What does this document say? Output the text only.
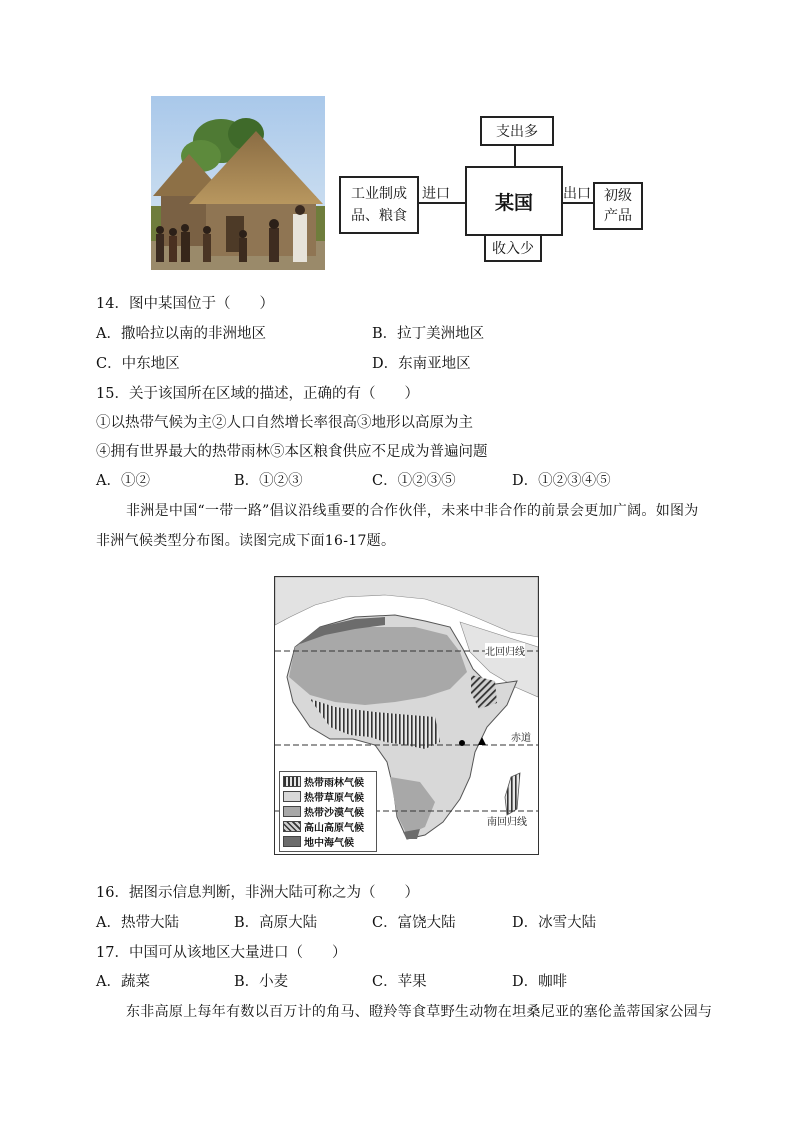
支出多
某国
收入少
工业制成
品、粮食
进口	出口 初级
产品
14．图中某国位于（　　）
A．撒哈拉以南的非洲地区	B．拉丁美洲地区
C．中东地区	D．东南亚地区
15．关于该国所在区域的描述，正确的有（　　）
①以热带气候为主②人口自然增长率很高③地形以高原为主
④拥有世界最大的热带雨林⑤本区粮食供应不足成为普遍问题
A．①②	B．①②③	C．①②③⑤	D．①②③④⑤
非洲是中国“一带一路”倡议沿线重要的合作伙伴，未来中非合作的前景会更加广阔。如图为
非洲气候类型分布图。读图完成下面16-17题。
北回归线
赤道
南回归线
热带雨林气候
热带草原气候
热带沙漠气候
高山高原气候
地中海气候
16．据图示信息判断，非洲大陆可称之为（　　）
A．热带大陆	B．高原大陆	C．富饶大陆	D．冰雪大陆
17．中国可从该地区大量进口（　　）
A．蔬菜	B．小麦	C．苹果	D．咖啡
东非高原上每年有数以百万计的角马、瞪羚等食草野生动物在坦桑尼亚的塞伦盖蒂国家公园与
